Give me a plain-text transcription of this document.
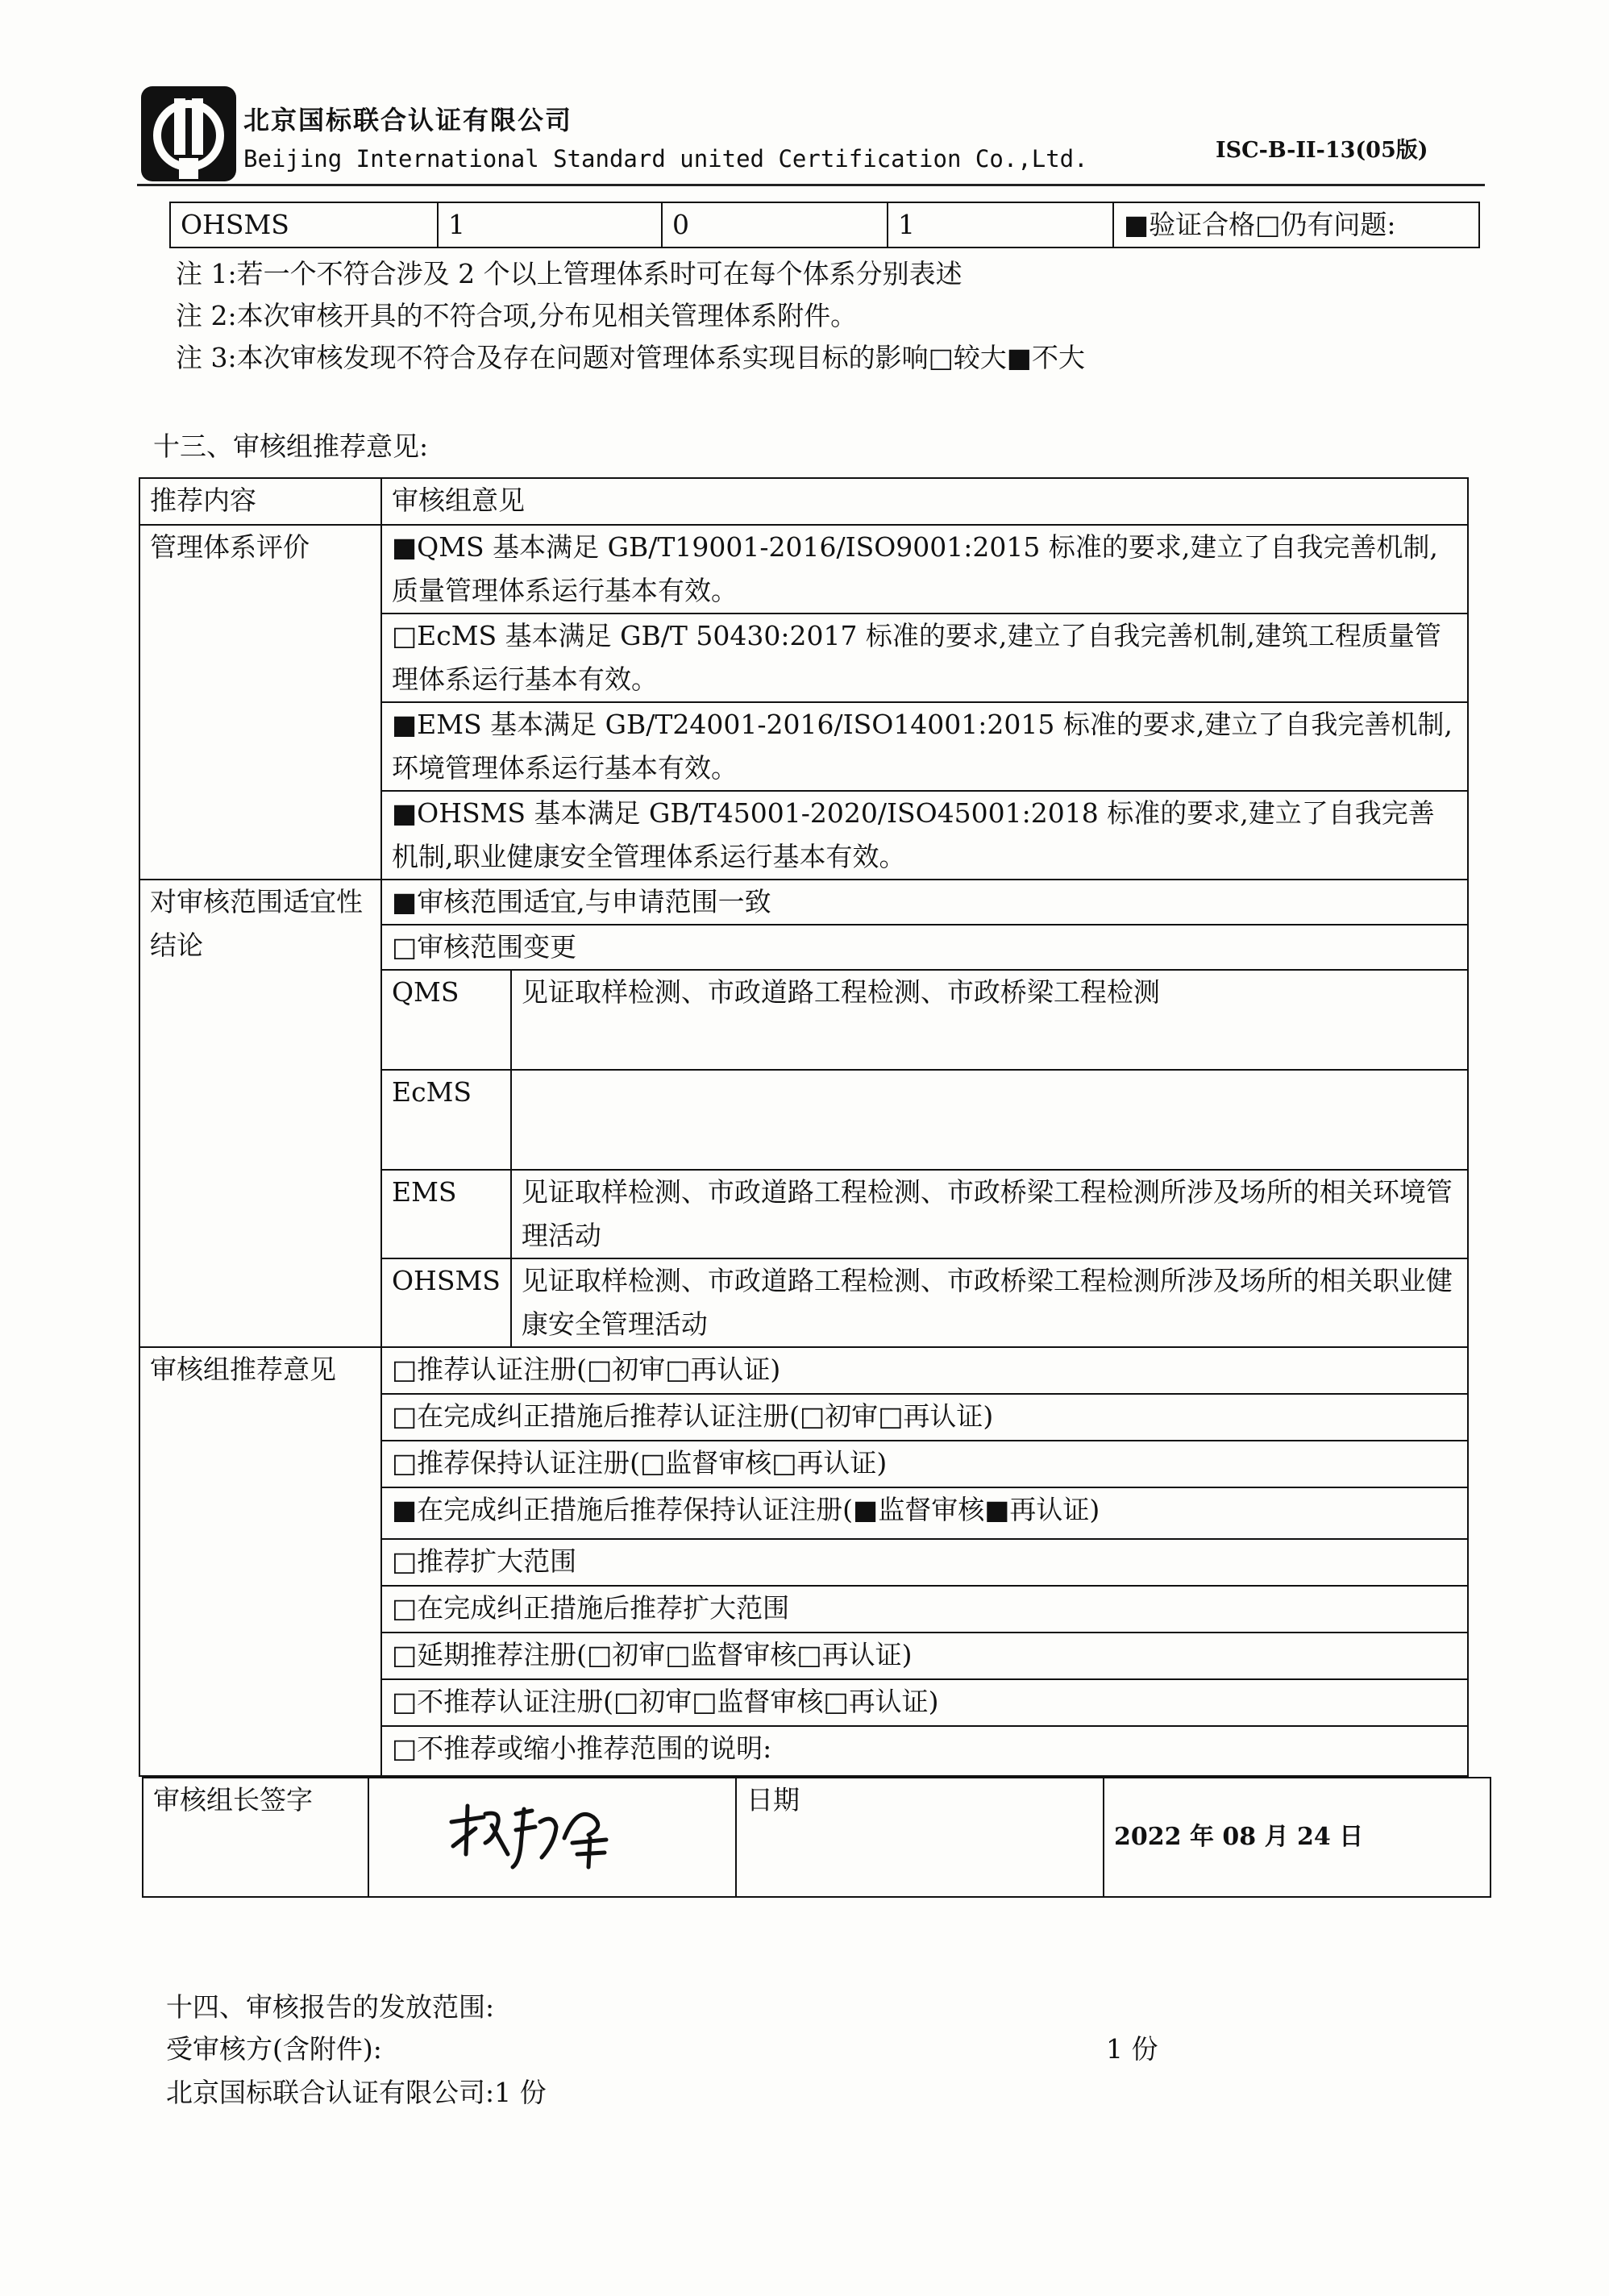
北京国标联合认证有限公司
Beijing International Standard united Certification Co.,Ltd.	ISC-B-II-13(05版)
OHSMS	1	0	1	■验证合格□仍有问题:
注 1:若一个不符合涉及 2 个以上管理体系时可在每个体系分别表述
注 2:本次审核开具的不符合项,分布见相关管理体系附件。
注 3:本次审核发现不符合及存在问题对管理体系实现目标的影响□较大■不大
十三、审核组推荐意见:
推荐内容	审核组意见	
管理体系评价	■QMS 基本满足 GB/T19001-2016/ISO9001:2015 标准的要求,建立了自我完善机制,质量管理体系运行基本有效。	
	□EcMS 基本满足 GB/T 50430:2017 标准的要求,建立了自我完善机制,建筑工程质量管理体系运行基本有效。	
	■EMS 基本满足 GB/T24001-2016/ISO14001:2015 标准的要求,建立了自我完善机制,环境管理体系运行基本有效。	
	■OHSMS 基本满足 GB/T45001-2020/ISO45001:2018 标准的要求,建立了自我完善机制,职业健康安全管理体系运行基本有效。	
对审核范围适宜性结论	■审核范围适宜,与申请范围一致	
	□审核范围变更	
	QMS	见证取样检测、市政道路工程检测、市政桥梁工程检测
	EcMS	
	EMS	见证取样检测、市政道路工程检测、市政桥梁工程检测所涉及场所的相关环境管理活动
	OHSMS	见证取样检测、市政道路工程检测、市政桥梁工程检测所涉及场所的相关职业健康安全管理活动
审核组推荐意见	□推荐认证注册(□初审□再认证)	
	□在完成纠正措施后推荐认证注册(□初审□再认证)	
	□推荐保持认证注册(□监督审核□再认证)	
	■在完成纠正措施后推荐保持认证注册(■监督审核■再认证)	
	□推荐扩大范围	
	□在完成纠正措施后推荐扩大范围	
	□延期推荐注册(□初审□监督审核□再认证)	
	□不推荐认证注册(□初审□监督审核□再认证)	
	□不推荐或缩小推荐范围的说明:	
审核组长签字		日期	2022 年 08 月 24 日
十四、审核报告的发放范围:
受审核方(含附件):	1 份
北京国标联合认证有限公司:1 份
